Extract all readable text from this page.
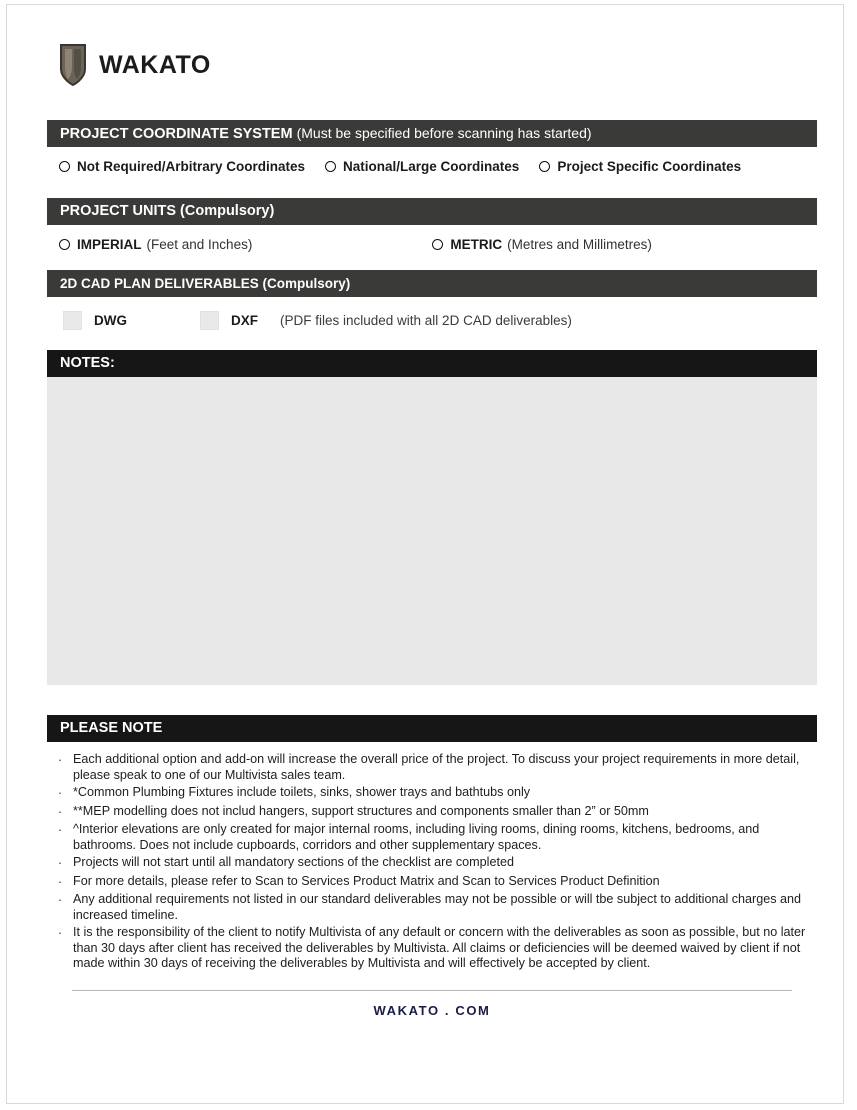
WAKATO
PROJECT COORDINATE SYSTEM (Must be specified before scanning has started)
Not Required/Arbitrary Coordinates	National/Large Coordinates	Project Specific Coordinates
PROJECT UNITS (Compulsory)
IMPERIAL (Feet and Inches)	METRIC (Metres and Millimetres)
2D CAD PLAN DELIVERABLES (Compulsory)
DWG	DXF (PDF files included with all 2D CAD deliverables)
NOTES:
PLEASE NOTE
· Each additional option and add-on will increase the overall price of the project. To discuss your project requirements in more detail, please speak to one of our Multivista sales team.
· *Common Plumbing Fixtures include toilets, sinks, shower trays and bathtubs only
· **MEP modelling does not includ hangers, support structures and components smaller than 2” or 50mm
· ^Interior elevations are only created for major internal rooms, including living rooms, dining rooms, kitchens, bedrooms, and bathrooms. Does not include cupboards, corridors and other supplementary spaces.
· Projects will not start until all mandatory sections of the checklist are completed
· For more details, please refer to Scan to Services Product Matrix and Scan to Services Product Definition
· Any additional requirements not listed in our standard deliverables may not be possible or will tbe subject to additional charges and increased timeline.
· It is the responsibility of the client to notify Multivista of any default or concern with the deliverables as soon as possible, but no later than 30 days after client has received the deliverables by Multivista. All claims or deficiencies will be deemed waived by client if not made within 30 days of receiving the deliverables by Multivista and will effectively be accepted by client.
WAKATO . COM
